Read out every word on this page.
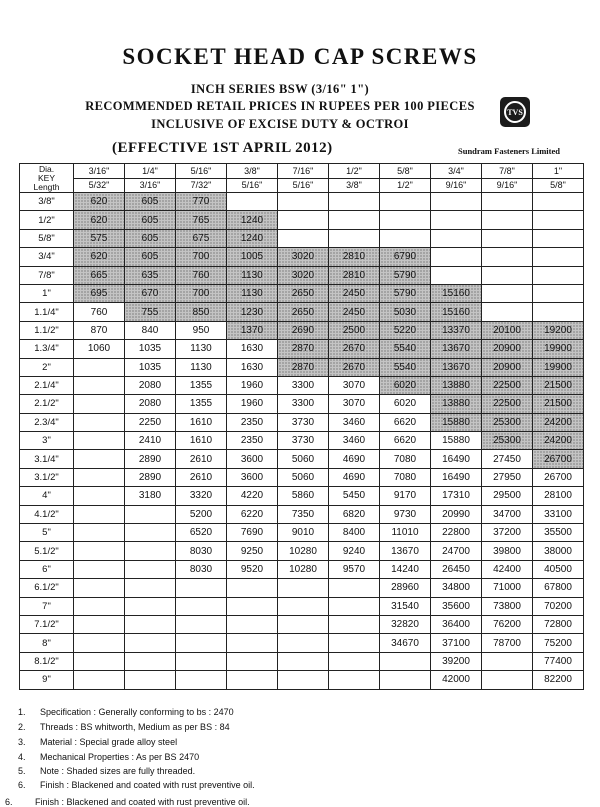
SOCKET HEAD CAP SCREWS
INCH SERIES BSW (3/16" 1")
RECOMMENDED RETAIL PRICES IN RUPEES PER 100 PIECES
INCLUSIVE OF EXCISE DUTY & OCTROI
(EFFECTIVE 1ST APRIL 2012)
TVS
Sundram Fasteners Limited
Dia.
KEY
Length	3/16"	1/4"	5/16"	3/8"	7/16"	1/2"	5/8"	3/4"	7/8"	1"
	5/32"	3/16"	7/32"	5/16"	5/16"	3/8"	1/2"	9/16"	9/16"	5/8"
3/8"	620	605	770							
1/2"	620	605	765	1240						
5/8"	575	605	675	1240						
3/4"	620	605	700	1005	3020	2810	6790			
7/8"	665	635	760	1130	3020	2810	5790			
1"	695	670	700	1130	2650	2450	5790	15160		
1.1/4"	760	755	850	1230	2650	2450	5030	15160		
1.1/2"	870	840	950	1370	2690	2500	5220	13370	20100	19200
1.3/4"	1060	1035	1130	1630	2870	2670	5540	13670	20900	19900
2"		1035	1130	1630	2870	2670	5540	13670	20900	19900
2.1/4"		2080	1355	1960	3300	3070	6020	13880	22500	21500
2.1/2"		2080	1355	1960	3300	3070	6020	13880	22500	21500
2.3/4"		2250	1610	2350	3730	3460	6620	15880	25300	24200
3"		2410	1610	2350	3730	3460	6620	15880	25300	24200
3.1/4"		2890	2610	3600	5060	4690	7080	16490	27450	26700
3.1/2"		2890	2610	3600	5060	4690	7080	16490	27950	26700
4"		3180	3320	4220	5860	5450	9170	17310	29500	28100
4.1/2"			5200	6220	7350	6820	9730	20990	34700	33100
5"			6520	7690	9010	8400	11010	22800	37200	35500
5.1/2"			8030	9250	10280	9240	13670	24700	39800	38000
6"			8030	9520	10280	9570	14240	26450	42400	40500
6.1/2"							28960	34800	71000	67800
7"							31540	35600	73800	70200
7.1/2"							32820	36400	76200	72800
8"							34670	37100	78700	75200
8.1/2"								39200		77400
9"								42000		82200
1. Specification : Generally conforming to bs : 2470
2. Threads : BS whitworth, Medium as per BS : 84
3. Material : Special grade alloy steel
4. Mechanical Properties : As per BS 2470
5. Note : Shaded sizes are fully threaded.
6. Finish : Blackened and coated with rust preventive oil.
6. Finish : Blackened and coated with rust preventive oil.
